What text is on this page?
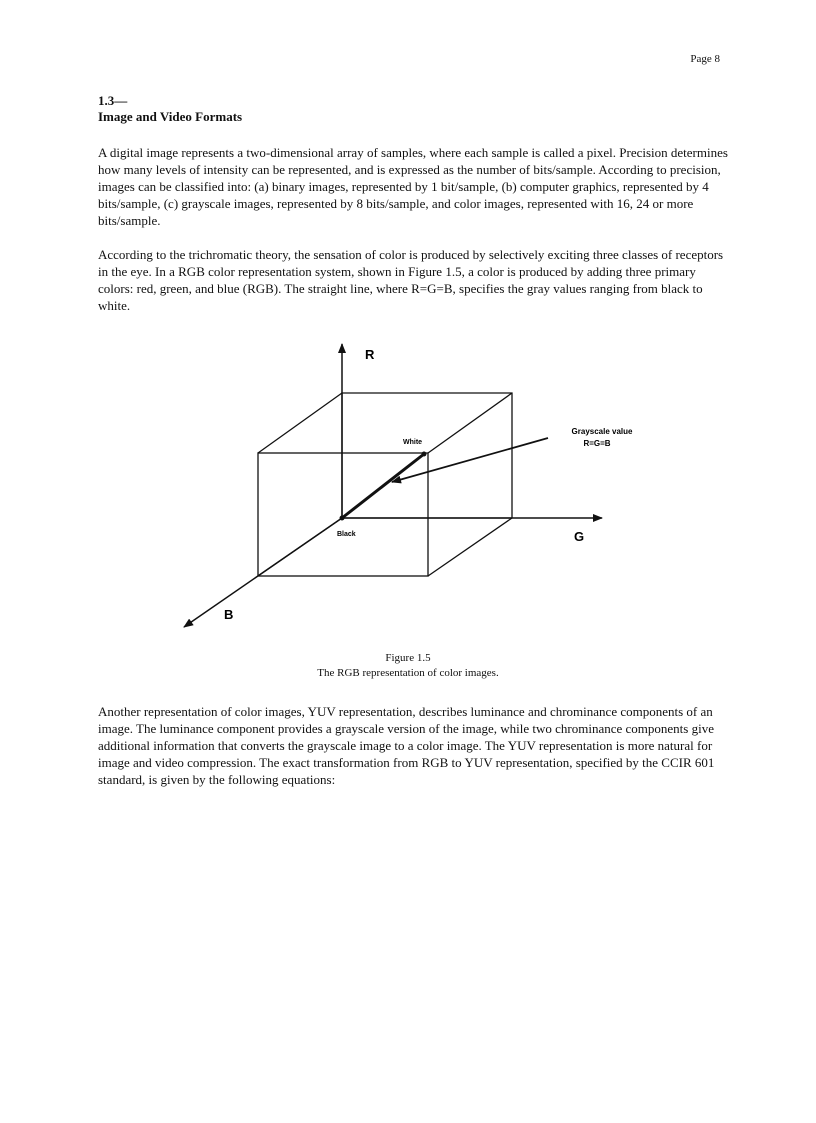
Page 8
1.3—
Image and Video Formats

A digital image represents a two-dimensional array of samples, where each sample is called a pixel. Precision determines how many levels of intensity can be represented, and is expressed as the number of bits/sample. According to precision, images can be classified into: (a) binary images, represented by 1 bit/sample, (b) computer graphics, represented by 4 bits/sample, (c) grayscale images, represented by 8 bits/sample, and color images, represented with 16, 24 or more bits/sample.

According to the trichromatic theory, the sensation of color is produced by selectively exciting three classes of receptors in the eye. In a RGB color representation system, shown in Figure 1.5, a color is produced by adding three primary colors: red, green, and blue (RGB). The straight line, where R=G=B, specifies the gray values ranging from black to white.

R
G
B
White
Black
Grayscale value
R=G=B
Figure 1.5
The RGB representation of color images.

Another representation of color images, YUV representation, describes luminance and chrominance components of an image. The luminance component provides a grayscale version of the image, while two chrominance components give additional information that converts the grayscale image to a color image. The YUV representation is more natural for image and video compression. The exact transformation from RGB to YUV representation, specified by the CCIR 601 standard, is given by the following equations:
